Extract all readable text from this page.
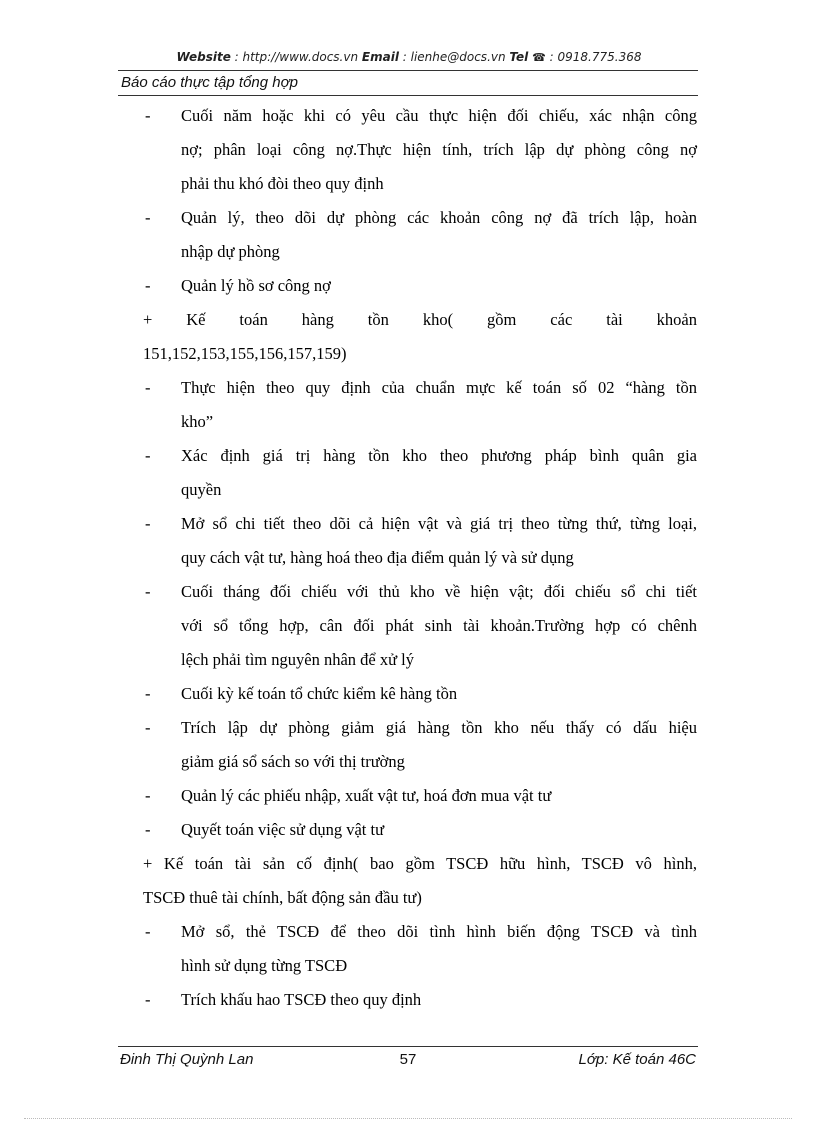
Website : http://www.docs.vn Email : lienhe@docs.vn Tel ☎ : 0918.775.368
Báo cáo thực tập tổng hợp
- Cuối năm hoặc khi có yêu cầu thực hiện đối chiếu, xác nhận công
nợ; phân loại công nợ.Thực hiện tính, trích lập dự phòng công nợ
phải thu khó đòi theo quy định
- Quản lý, theo dõi dự phòng các khoản công nợ đã trích lập, hoàn
nhập dự phòng
- Quản lý hồ sơ công nợ
+ Kế toán hàng tồn kho( gồm các tài khoản
151,152,153,155,156,157,159)
- Thực hiện theo quy định của chuẩn mực kế toán số 02 “hàng tồn
kho”
- Xác định giá trị hàng tồn kho theo phương pháp bình quân gia
quyền
- Mở sổ chi tiết theo dõi cả hiện vật và giá trị theo từng thứ, từng loại,
quy cách vật tư, hàng hoá theo địa điểm quản lý và sử dụng
- Cuối tháng đối chiếu với thủ kho về hiện vật; đối chiếu sổ chi tiết
với sổ tổng hợp, cân đối phát sinh tài khoản.Trường hợp có chênh
lệch phải tìm nguyên nhân để xử lý
- Cuối kỳ kế toán tổ chức kiểm kê hàng tồn
- Trích lập dự phòng giảm giá hàng tồn kho nếu thấy có dấu hiệu
giảm giá sổ sách so với thị trường
- Quản lý các phiếu nhập, xuất vật tư, hoá đơn mua vật tư
- Quyết toán việc sử dụng vật tư
+ Kế toán tài sản cố định( bao gồm TSCĐ hữu hình, TSCĐ vô hình,
TSCĐ thuê tài chính, bất động sản đầu tư)
- Mở sổ, thẻ TSCĐ để theo dõi tình hình biến động TSCĐ và tình
hình sử dụng từng TSCĐ
- Trích khấu hao TSCĐ theo quy định
Đinh Thị Quỳnh Lan	57	Lớp: Kế toán 46C
